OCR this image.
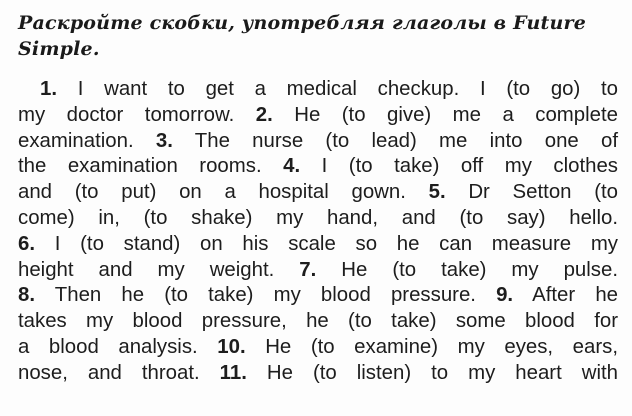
Раскройте скобки, употребляя глаголы в Future
Simple.
1. I want to get a medical checkup. I (to go) to
my doctor tomorrow. 2. He (to give) me a complete
examination. 3. The nurse (to lead) me into one of
the examination rooms. 4. I (to take) off my clothes
and (to put) on a hospital gown. 5. Dr Setton (to
come) in, (to shake) my hand, and (to say) hello.
6. I (to stand) on his scale so he can measure my
height and my weight. 7. He (to take) my pulse.
8. Then he (to take) my blood pressure. 9. After he
takes my blood pressure, he (to take) some blood for
a blood analysis. 10. He (to examine) my eyes, ears,
nose, and throat. 11. He (to listen) to my heart with
